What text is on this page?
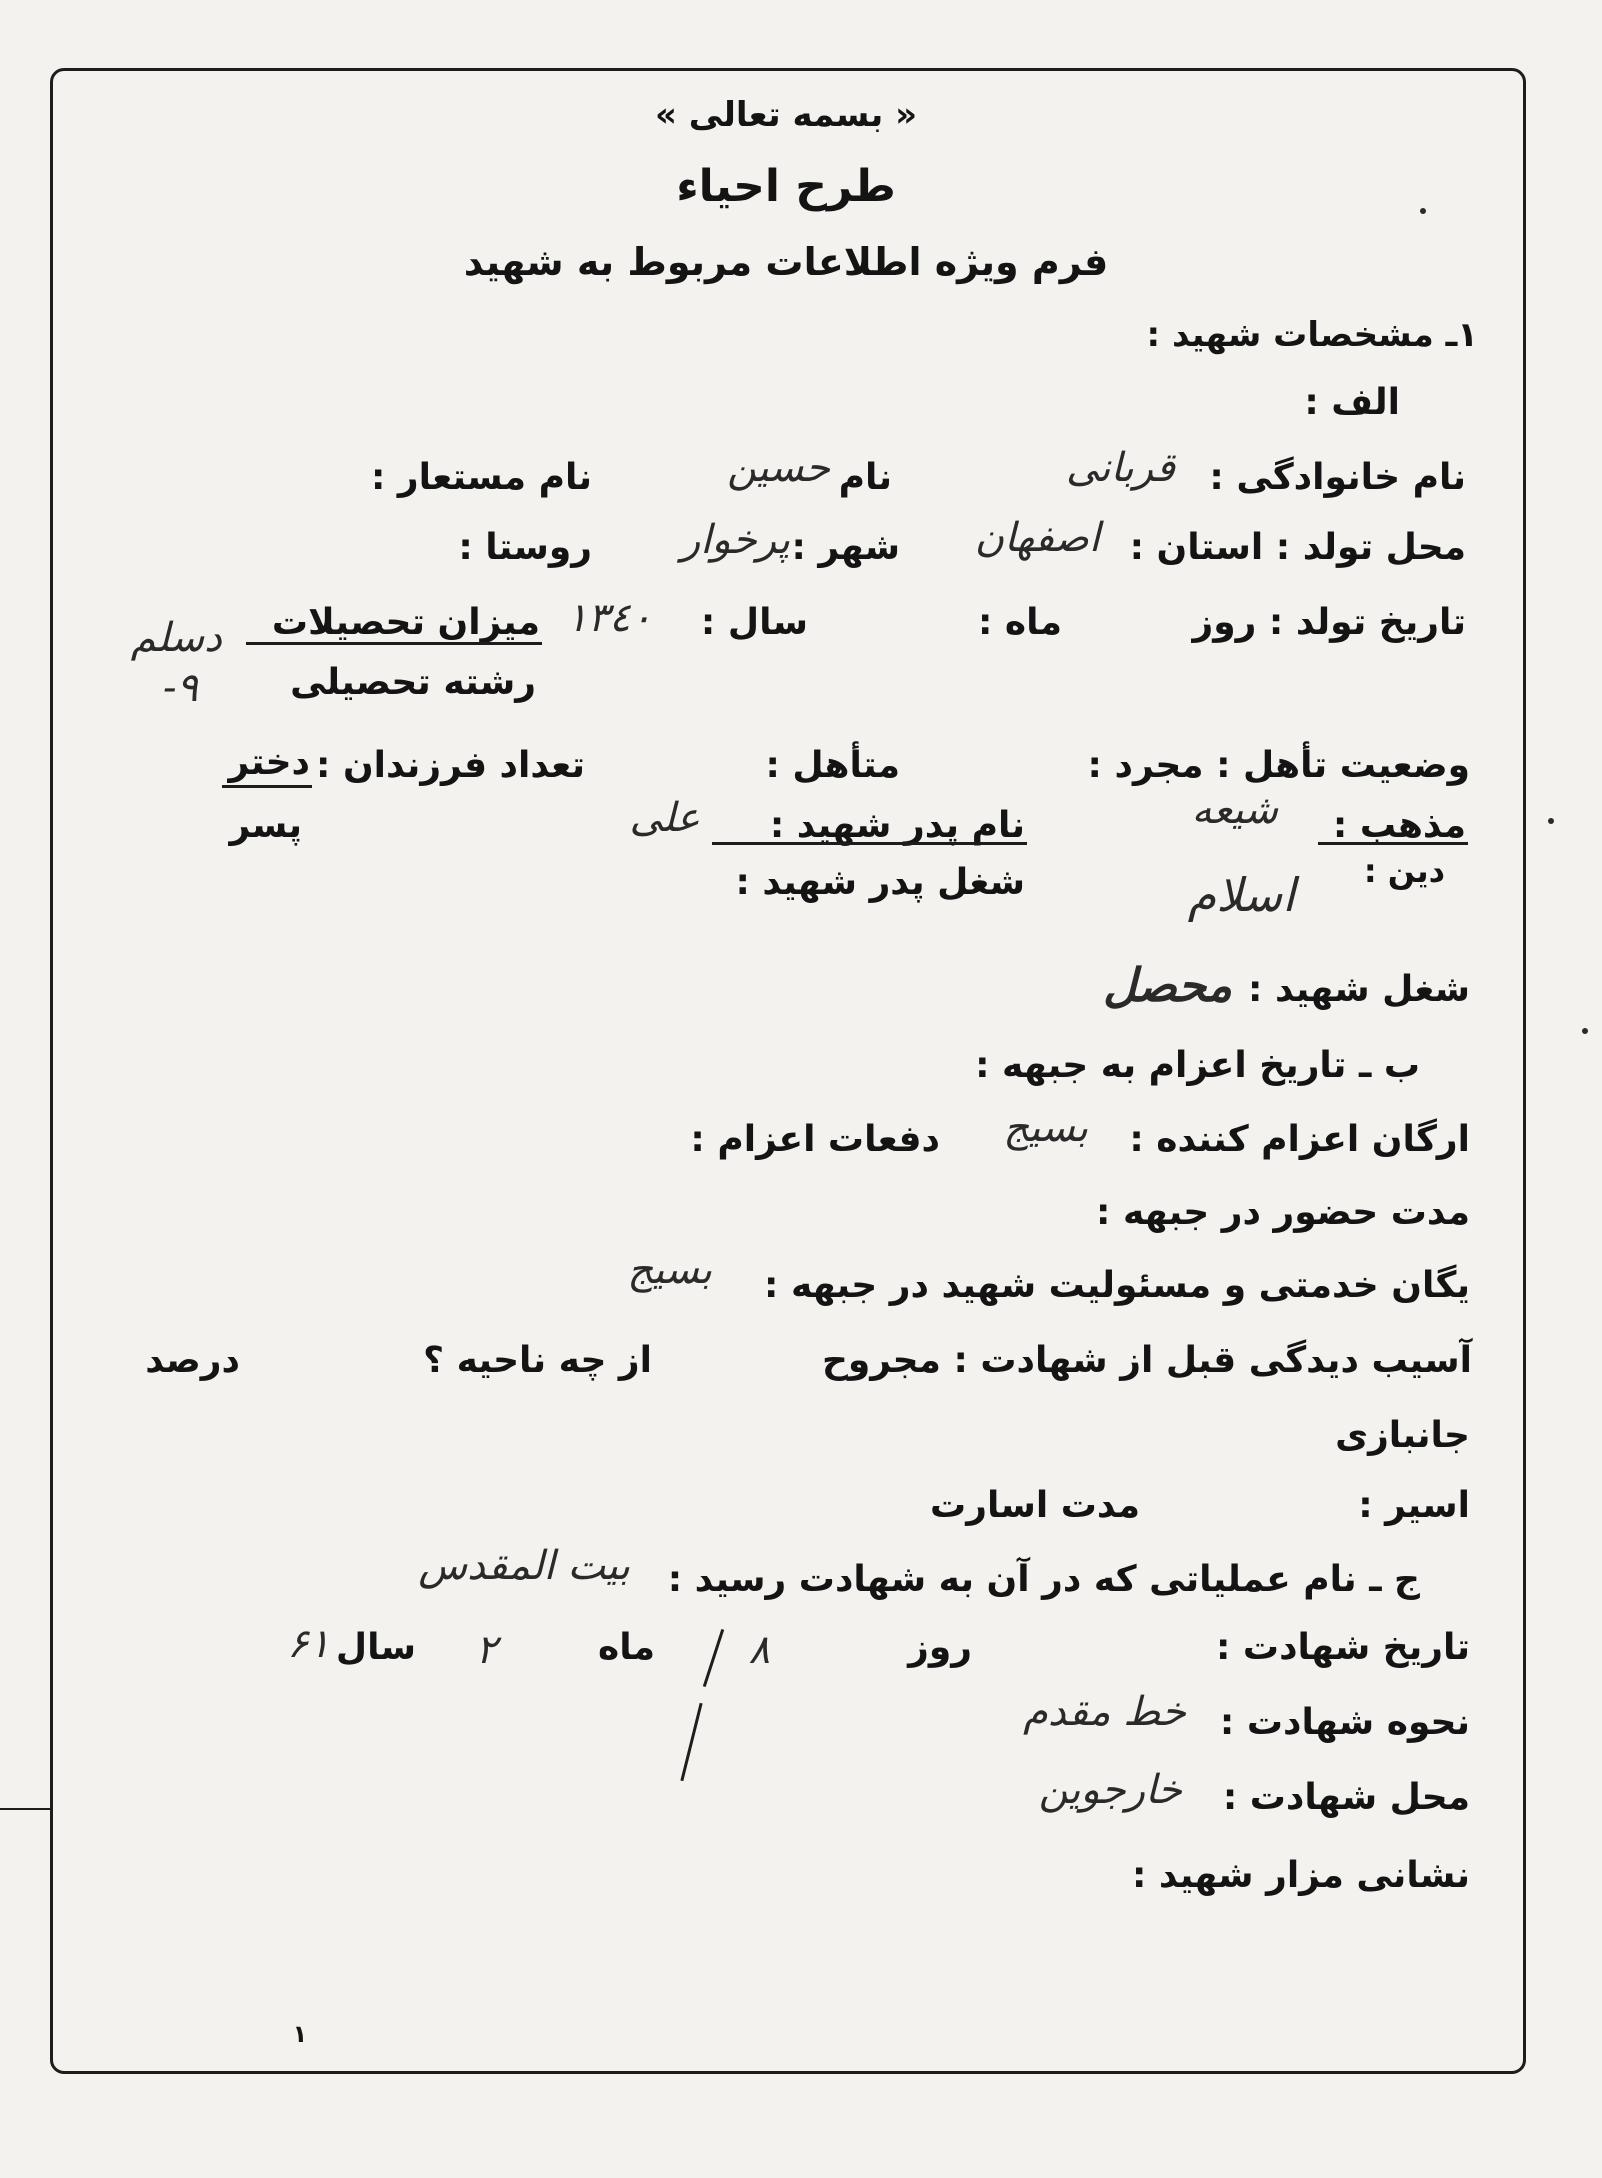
« بسمه تعالی »
طرح احیاء
فرم ویژه اطلاعات مربوط به شهید
۱ـ مشخصات شهید :
الف :
نام خانوادگی :
قربانی
نام
حسین
نام مستعار :
محل تولد : استان :
اصفهان
شهر :
پرخوار
روستا :
تاریخ تولد : روز
ماه :
سال :
۱۳٤۰
میزان تحصیلات
دسلم
رشته تحصیلی
۹-
وضعیت تأهل : مجرد :
متأهل :
تعداد فرزندان :
دختر
پسر	مذهب :
شیعه
دین :
اسلام
نام پدر شهید :
علی
شغل پدر شهید :
شغل شهید :
محصل
ب ـ تاریخ اعزام به جبهه :
ارگان اعزام کننده :
بسیج
دفعات اعزام :
مدت حضور در جبهه :
یگان خدمتی و مسئولیت شهید در جبهه :
بسیج
آسیب دیدگی قبل از شهادت : مجروح
از چه ناحیه ؟
درصد
جانبازی
اسیر :
مدت اسارت
ج ـ نام عملیاتی که در آن به شهادت رسید :
بیت المقدس
تاریخ شهادت :
روز
۸
ماه
۲
سال
۶۱
نحوه شهادت :
خط مقدم
محل شهادت :
خارجوین
نشانی مزار شهید :
۱
